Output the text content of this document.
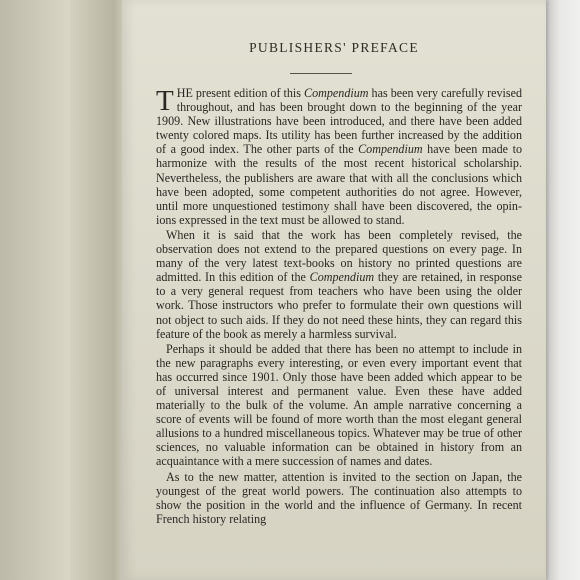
PUBLISHERS' PREFACE

THE present edition of this Compendium has been very carefully revised throughout, and has been brought down to the beginning of the year 1909. New illustrations have been introduced, and there have been added twenty colored maps. Its utility has been further increased by the addition of a good index. The other parts of the Compendium have been made to harmonize with the results of the most recent historical scholarship. Nevertheless, the publishers are aware that with all the conclusions which have been adopted, some competent authorities do not agree. However, until more unquestioned testimony shall have been discovered, the opinions expressed in the text must be allowed to stand.

When it is said that the work has been completely revised, the observation does not extend to the prepared questions on every page. In many of the very latest text-books on history no printed questions are admitted. In this edition of the Compendium they are retained, in response to a very general request from teachers who have been using the older work. Those instructors who prefer to formulate their own questions will not object to such aids. If they do not need these hints, they can regard this feature of the book as merely a harmless survival.

Perhaps it should be added that there has been no attempt to include in the new paragraphs every interesting, or even every important event that has occurred since 1901. Only those have been added which appear to be of universal interest and permanent value. Even these have added materially to the bulk of the volume. An ample narrative concerning a score of events will be found of more worth than the most elegant general allusions to a hundred miscellaneous topics. Whatever may be true of other sciences, no valuable information can be obtained in history from an acquaintance with a mere succession of names and dates.

As to the new matter, attention is invited to the section on Japan, the youngest of the great world powers. The continuation also attempts to show the position in the world and the influence of Germany. In recent French history relating
